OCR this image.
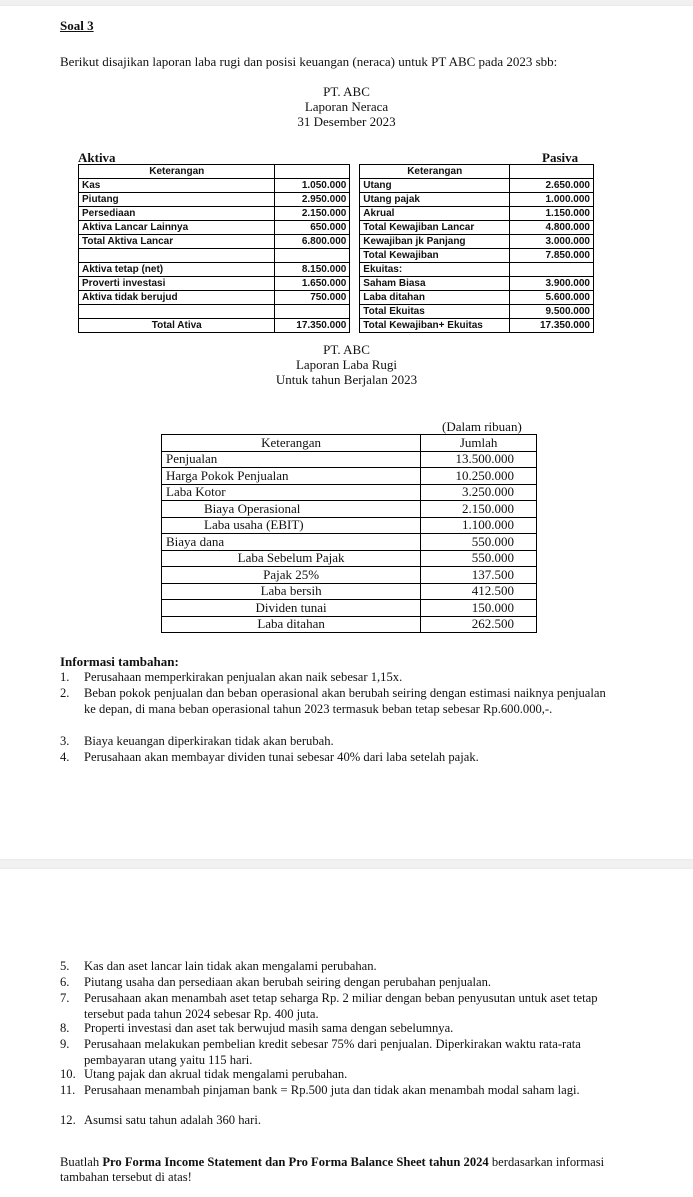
Soal 3
Berikut disajikan laporan laba rugi dan posisi keuangan (neraca) untuk PT ABC pada 2023 sbb:
PT. ABC
Laporan Neraca
31 Desember 2023
Aktiva	Pasiva
Keterangan			Keterangan	
Kas	1.050.000		Utang	2.650.000
Piutang	2.950.000		Utang pajak	1.000.000
Persediaan	2.150.000		Akrual	1.150.000
Aktiva Lancar Lainnya	650.000		Total Kewajiban Lancar	4.800.000
Total Aktiva Lancar	6.800.000		Kewajiban jk Panjang	3.000.000
			Total Kewajiban	7.850.000
Aktiva tetap (net)	8.150.000		Ekuitas:	
Proverti investasi	1.650.000		Saham Biasa	3.900.000
Aktiva tidak berujud	750.000		Laba ditahan	5.600.000
			Total Ekuitas	9.500.000
Total Ativa	17.350.000		Total Kewajiban+ Ekuitas	17.350.000
PT. ABC
Laporan Laba Rugi
Untuk tahun Berjalan 2023
(Dalam ribuan)
Keterangan	Jumlah
Penjualan	13.500.000
Harga Pokok Penjualan	10.250.000
Laba Kotor	3.250.000
Biaya Operasional	2.150.000
Laba usaha (EBIT)	1.100.000
Biaya dana	550.000
Laba Sebelum Pajak	550.000
Pajak 25%	137.500
Laba bersih	412.500
Dividen tunai	150.000
Laba ditahan	262.500
Informasi tambahan:
1. Perusahaan memperkirakan penjualan akan naik sebesar 1,15x.
2. Beban pokok penjualan dan beban operasional akan berubah seiring dengan estimasi naiknya penjualan ke depan, di mana beban operasional tahun 2023 termasuk beban tetap sebesar Rp.600.000,-.
3. Biaya keuangan diperkirakan tidak akan berubah.
4. Perusahaan akan membayar dividen tunai sebesar 40% dari laba setelah pajak.
5. Kas dan aset lancar lain tidak akan mengalami perubahan.
6. Piutang usaha dan persediaan akan berubah seiring dengan perubahan penjualan.
7. Perusahaan akan menambah aset tetap seharga Rp. 2 miliar dengan beban penyusutan untuk aset tetap tersebut pada tahun 2024 sebesar Rp. 400 juta.
8. Properti investasi dan aset tak berwujud masih sama dengan sebelumnya.
9. Perusahaan melakukan pembelian kredit sebesar 75% dari penjualan. Diperkirakan waktu rata-rata pembayaran utang yaitu 115 hari.
10. Utang pajak dan akrual tidak mengalami perubahan.
11. Perusahaan menambah pinjaman bank = Rp.500 juta dan tidak akan menambah modal saham lagi.
12. Asumsi satu tahun adalah 360 hari.
Buatlah Pro Forma Income Statement dan Pro Forma Balance Sheet tahun 2024 berdasarkan informasi tambahan tersebut di atas!
